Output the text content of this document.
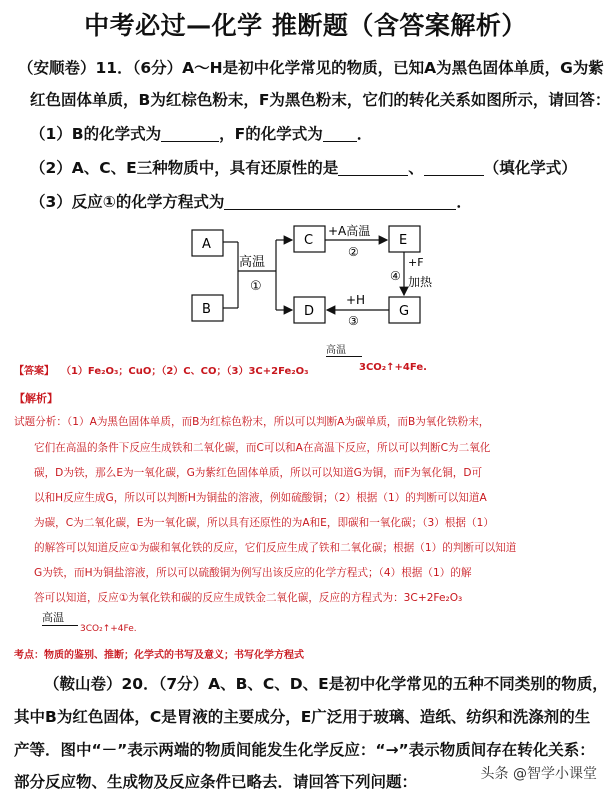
中考必过—化学 推断题（含答案解析）
（安顺卷）11．（6分）A～H是初中化学常见的物质，已知A为黑色固体单质，G为紫
红色固体单质，B为红棕色粉末，F为黑色粉末，它们的转化关系如图所示，请回答：
（1）B的化学式为	，F的化学式为 ．
（2）A、C、E三种物质中，具有还原性的是	、	（填化学式）
（3）反应①的化学方程式为	．
高温
①
A
B
C
D
E
G
+A高温
②
+F
④ 加热
+H
③
高温
【答案】 （1）Fe₂O₃；CuO；（2）C、CO；（3）3C+2Fe₂O₃	3CO₂↑+4Fe.
【解析】
试题分析：（1）A为黑色固体单质，而B为红棕色粉末，所以可以判断A为碳单质，而B为氧化铁粉末，
它们在高温的条件下反应生成铁和二氧化碳，而C可以和A在高温下反应，所以可以判断C为二氧化
碳，D为铁，那么E为一氧化碳，G为紫红色固体单质，所以可以知道G为铜，而F为氧化铜，D可
以和H反应生成G，所以可以判断H为铜盐的溶液，例如硫酸铜；（2）根据（1）的判断可以知道A
为碳，C为二氧化碳，E为一氧化碳，所以具有还原性的为A和E，即碳和一氧化碳；（3）根据（1）
的解答可以知道反应①为碳和氧化铁的反应，它们反应生成了铁和二氧化碳；根据（1）的判断可以知道
G为铁，而H为铜盐溶液，所以可以硫酸铜为例写出该反应的化学方程式；（4）根据（1）的解
答可以知道，反应①为氧化铁和碳的反应生成铁金二氧化碳，反应的方程式为：3C+2Fe₂O₃
高温
3CO₂↑+4Fe.
考点：物质的鉴别、推断；化学式的书写及意义；书写化学方程式
（鞍山卷）20．（7分）A、B、C、D、E是初中化学常见的五种不同类别的物质，
其中B为红色固体，C是胃液的主要成分，E广泛用于玻璃、造纸、纺织和洗涤剂的生
产等．图中“－”表示两端的物质间能发生化学反应：“→”表示物质间存在转化关系：
部分反应物、生成物及反应条件已略去．请回答下列问题：	头条 @智学小课堂
